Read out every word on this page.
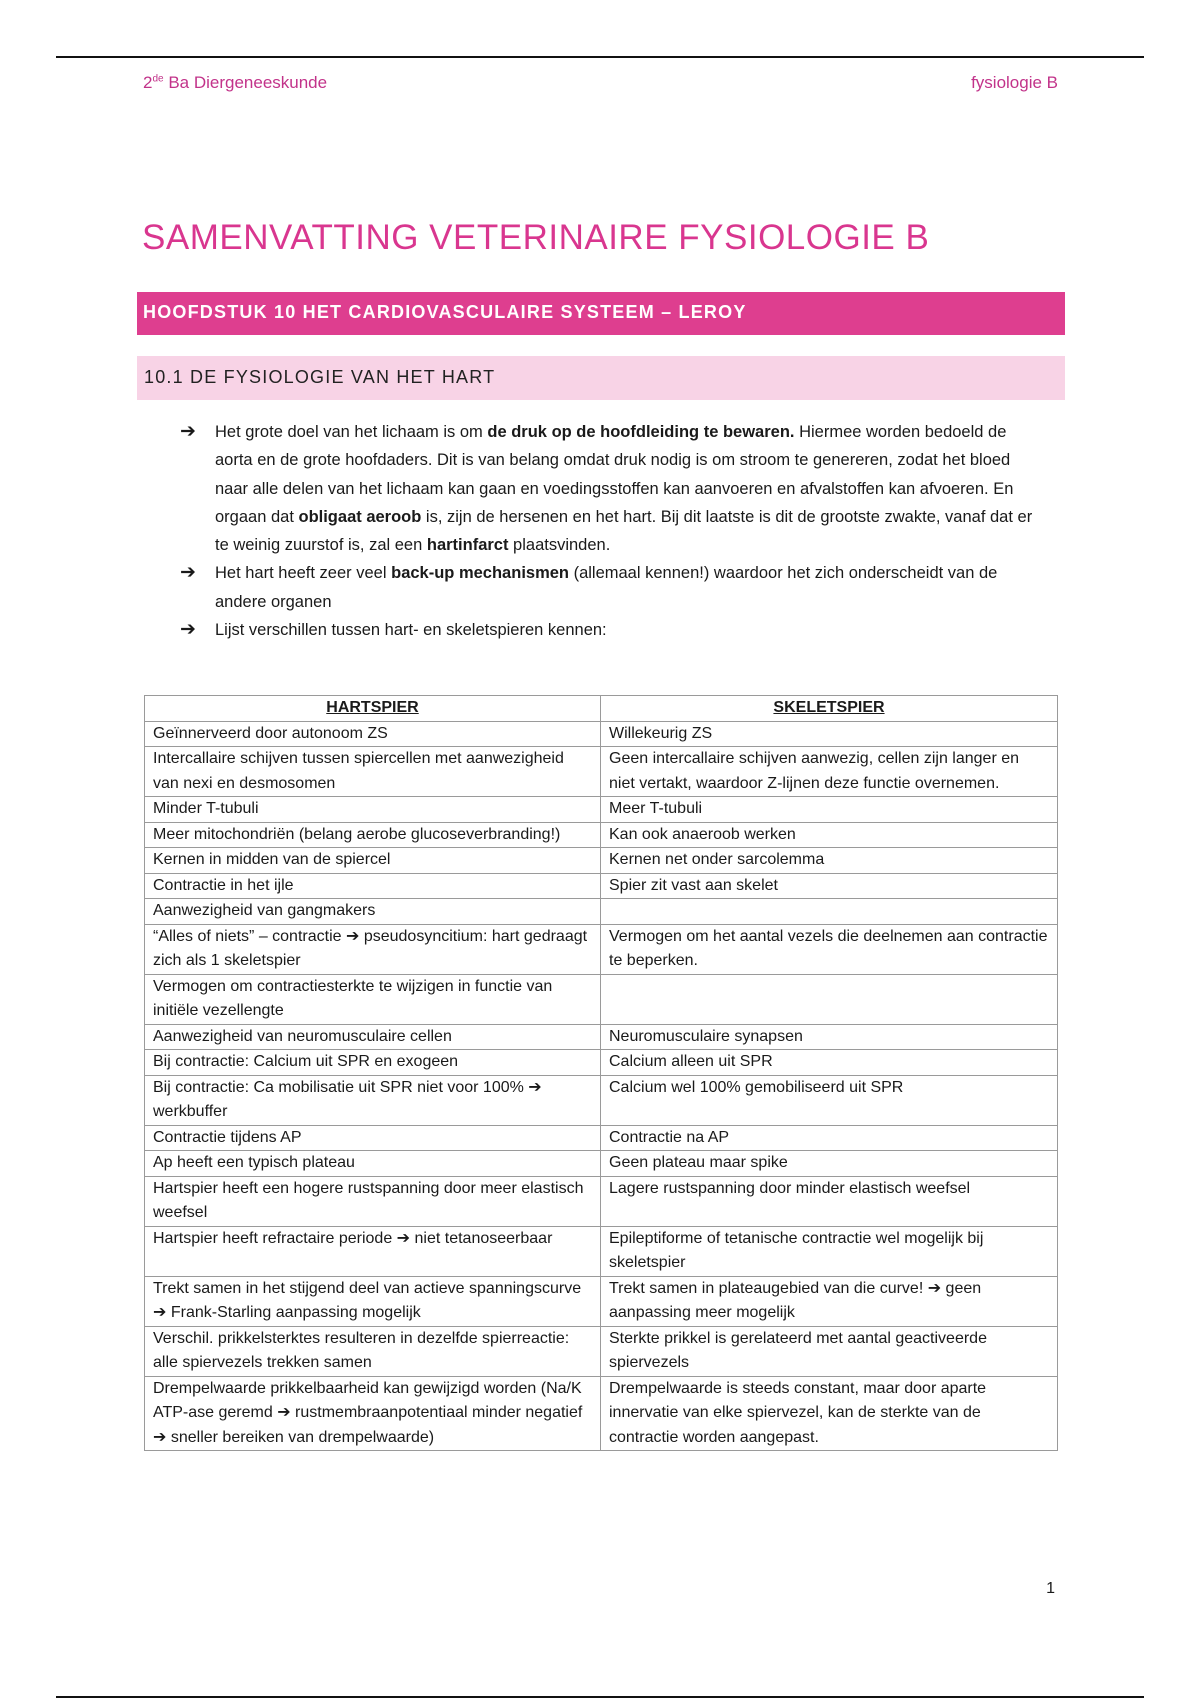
2de Ba Diergeneeskunde	fysiologie B
SAMENVATTING VETERINAIRE FYSIOLOGIE B
HOOFDSTUK 10 HET CARDIOVASCULAIRE SYSTEEM – LEROY
10.1 DE FYSIOLOGIE VAN HET HART
➔ Het grote doel van het lichaam is om de druk op de hoofdleiding te bewaren. Hiermee worden bedoeld de aorta en de grote hoofdaders. Dit is van belang omdat druk nodig is om stroom te genereren, zodat het bloed naar alle delen van het lichaam kan gaan en voedingsstoffen kan aanvoeren en afvalstoffen kan afvoeren. En orgaan dat obligaat aeroob is, zijn de hersenen en het hart. Bij dit laatste is dit de grootste zwakte, vanaf dat er te weinig zuurstof is, zal een hartinfarct plaatsvinden.
➔ Het hart heeft zeer veel back-up mechanismen (allemaal kennen!) waardoor het zich onderscheidt van de andere organen
➔ Lijst verschillen tussen hart- en skeletspieren kennen:
HARTSPIER	SKELETSPIER
Geïnnerveerd door autonoom ZS	Willekeurig ZS
Intercallaire schijven tussen spiercellen met aanwezigheid van nexi en desmosomen	Geen intercallaire schijven aanwezig, cellen zijn langer en niet vertakt, waardoor Z-lijnen deze functie overnemen.
Minder T-tubuli	Meer T-tubuli
Meer mitochondriën (belang aerobe glucoseverbranding!)	Kan ook anaeroob werken
Kernen in midden van de spiercel	Kernen net onder sarcolemma
Contractie in het ijle	Spier zit vast aan skelet
Aanwezigheid van gangmakers	
“Alles of niets” – contractie ➔ pseudosyncitium: hart gedraagt zich als 1 skeletspier	Vermogen om het aantal vezels die deelnemen aan contractie te beperken.
Vermogen om contractiesterkte te wijzigen in functie van initiële vezellengte	
Aanwezigheid van neuromusculaire cellen	Neuromusculaire synapsen
Bij contractie: Calcium uit SPR en exogeen	Calcium alleen uit SPR
Bij contractie: Ca mobilisatie uit SPR niet voor 100% ➔ werkbuffer	Calcium wel 100% gemobiliseerd uit SPR
Contractie tijdens AP	Contractie na AP
Ap heeft een typisch plateau	Geen plateau maar spike
Hartspier heeft een hogere rustspanning door meer elastisch weefsel	Lagere rustspanning door minder elastisch weefsel
Hartspier heeft refractaire periode ➔ niet tetanoseerbaar	Epileptiforme of tetanische contractie wel mogelijk bij skeletspier
Trekt samen in het stijgend deel van actieve spanningscurve ➔ Frank-Starling aanpassing mogelijk	Trekt samen in plateaugebied van die curve! ➔ geen aanpassing meer mogelijk
Verschil. prikkelsterktes resulteren in dezelfde spierreactie: alle spiervezels trekken samen	Sterkte prikkel is gerelateerd met aantal geactiveerde spiervezels
Drempelwaarde prikkelbaarheid kan gewijzigd worden (Na/K ATP-ase geremd ➔ rustmembraanpotentiaal minder negatief ➔ sneller bereiken van drempelwaarde)	Drempelwaarde is steeds constant, maar door aparte innervatie van elke spiervezel, kan de sterkte van de contractie worden aangepast.
1
